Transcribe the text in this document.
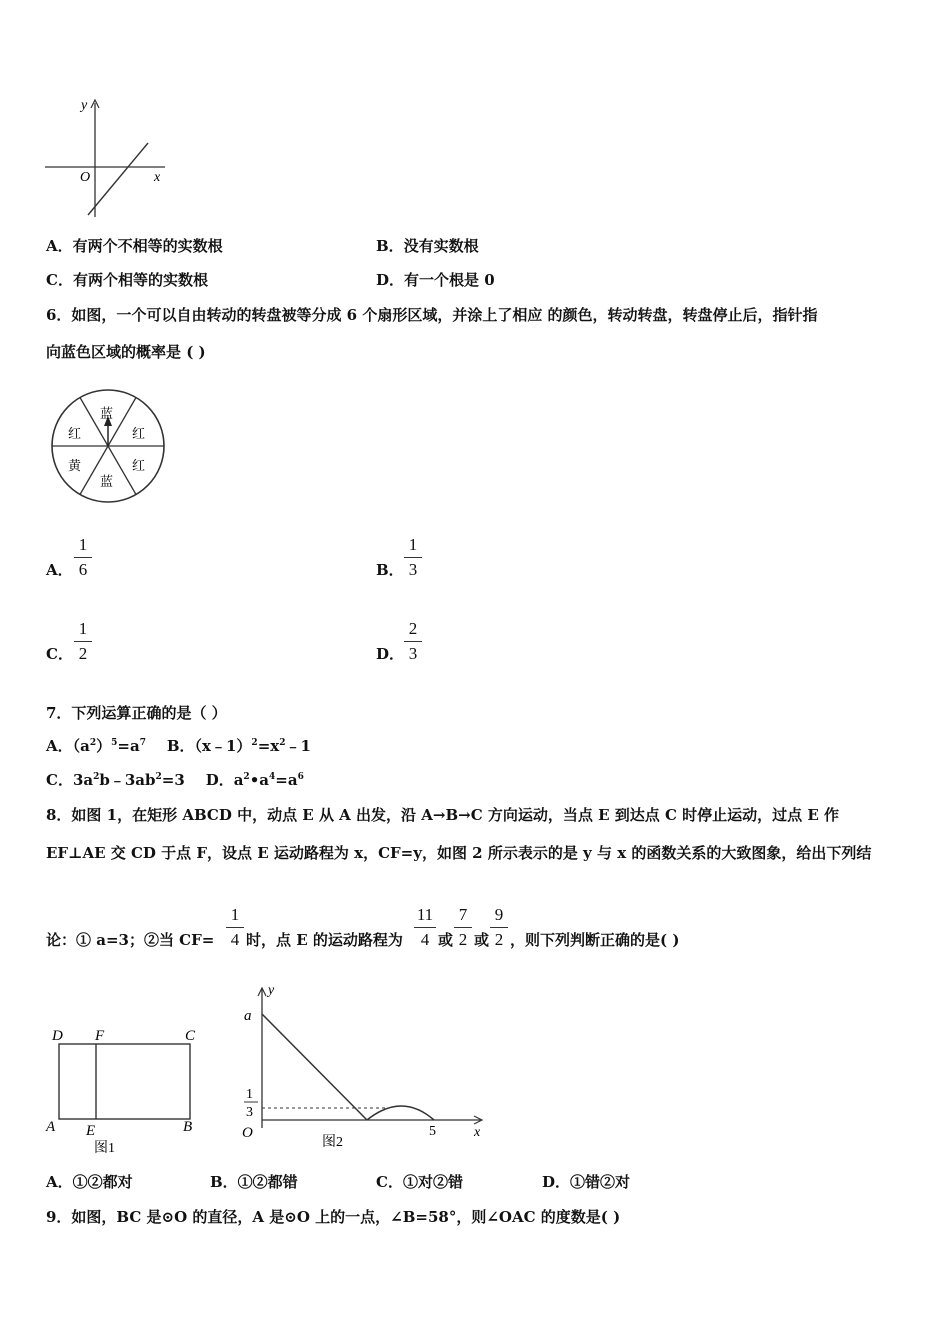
y
x
O
A．有两个不相等的实数根	B．没有实数根
C．有两个相等的实数根	D．有一个根是 0
6．如图，一个可以自由转动的转盘被等分成 6 个扇形区域，并涂上了相应 的颜色，转动转盘，转盘停止后，指针指
向蓝色区域的概率是 ( )
蓝
红
红
蓝
黄
红
A．
1
6	B．
1
3
C．
1
2	D．
2
3
7．下列运算正确的是（ ）
A．$(a^2)^5=a^7$ B．$(x﹣1)^2=x^2﹣1$
C．$3a^2b﹣3ab^2=3$ D．$a^2•a^4=a^6$
8．如图 1，在矩形 ABCD 中，动点 E 从 A 出发，沿 A→B→C 方向运动，当点 E 到达点 C 时停止运动，过点 E 作
EF⊥AE 交 CD 于点 F，设点 E 运动路程为 x，CF=y，如图 2 所示表示的是 y 与 x 的函数关系的大致图象，给出下列结
论：① a=3；②当 CF=
1
4 时，点 E 的运动路程为
11
4 或
7
2 或
9
2 ，则下列判断正确的是( )
D F	C
A E	B
图1
y
a
1
3
O	5	x
图2
A．①②都对	B．①②都错	C．①对②错	D．①错②对
9．如图，BC 是⊙O 的直径，A 是⊙O 上的一点，∠B=58°，则∠OAC 的度数是( )
